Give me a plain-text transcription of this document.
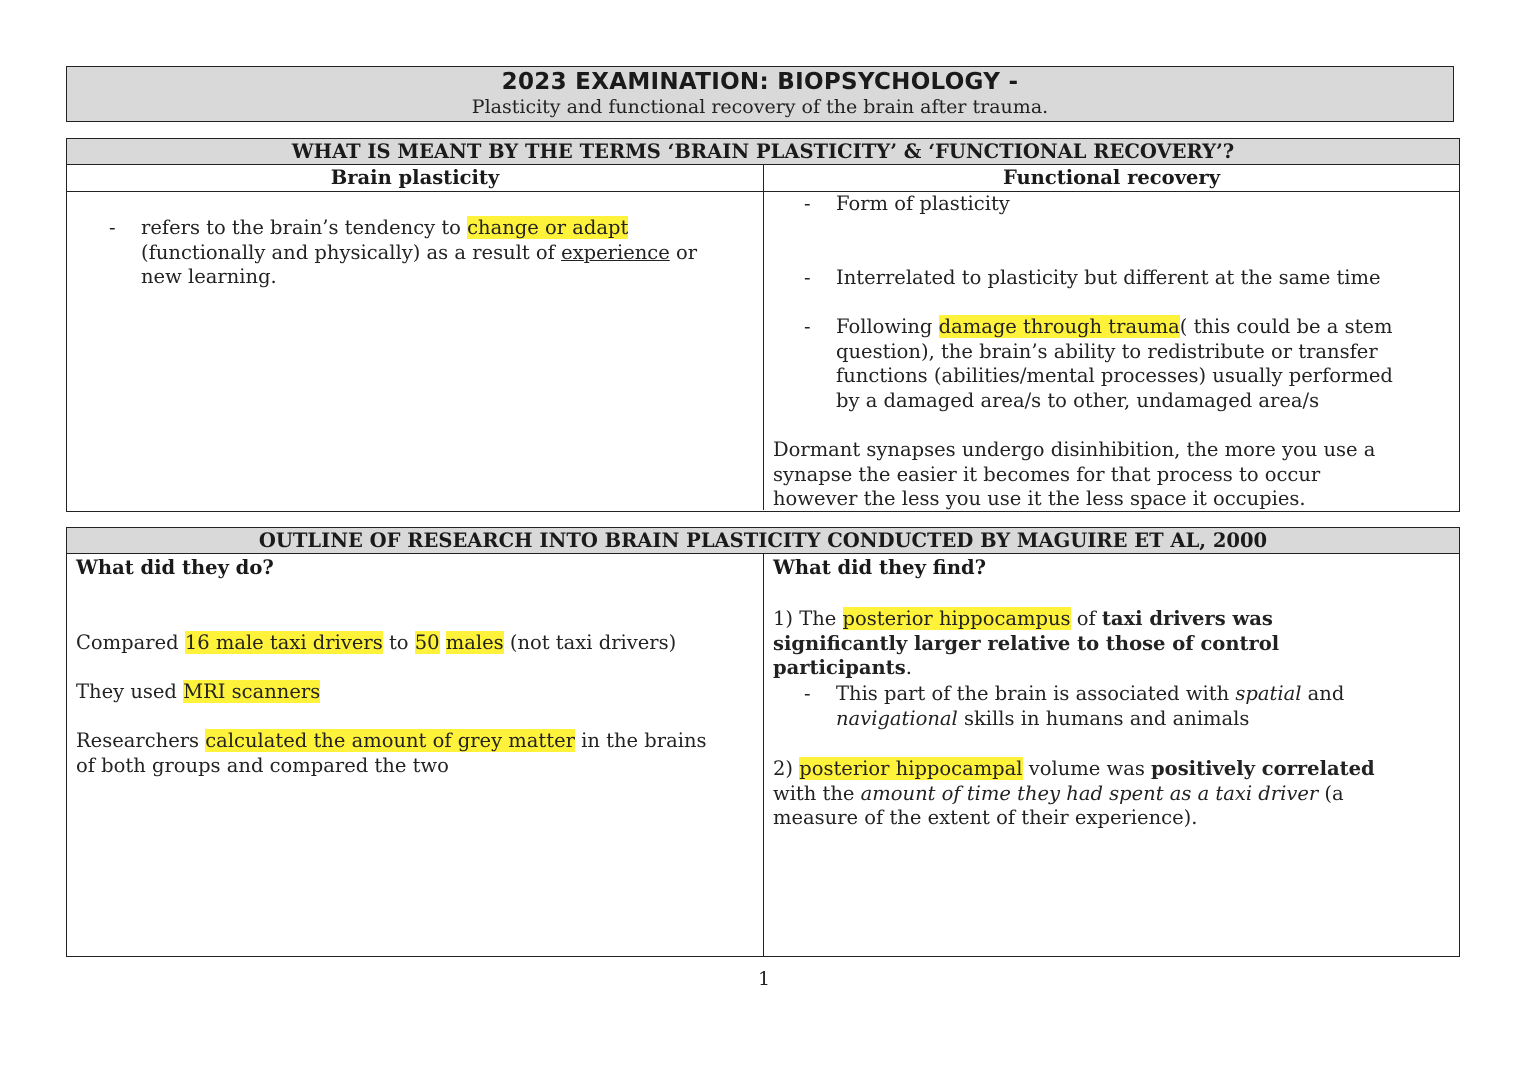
2023 EXAMINATION: BIOPSYCHOLOGY -
Plasticity and functional recovery of the brain after trauma.
WHAT IS MEANT BY THE TERMS ‘BRAIN PLASTICITY’ & ‘FUNCTIONAL RECOVERY’?
Brain plasticity	Functional recovery
- refers to the brain’s tendency to change or adapt
(functionally and physically) as a result of experience or
new learning.
- Form of plasticity
- Interrelated to plasticity but different at the same time
- Following damage through trauma( this could be a stem
question), the brain’s ability to redistribute or transfer
functions (abilities/mental processes) usually performed
by a damaged area/s to other, undamaged area/s
Dormant synapses undergo disinhibition, the more you use a
synapse the easier it becomes for that process to occur
however the less you use it the less space it occupies.
OUTLINE OF RESEARCH INTO BRAIN PLASTICITY CONDUCTED BY MAGUIRE ET AL, 2000
What did they do?
Compared 16 male taxi drivers to 50 males (not taxi drivers)
They used MRI scanners
Researchers calculated the amount of grey matter in the brains
of both groups and compared the two
What did they find?
1) The posterior hippocampus of taxi drivers was
significantly larger relative to those of control
participants.
- This part of the brain is associated with spatial and
navigational skills in humans and animals
2) posterior hippocampal volume was positively correlated
with the amount of time they had spent as a taxi driver (a
measure of the extent of their experience).
1
